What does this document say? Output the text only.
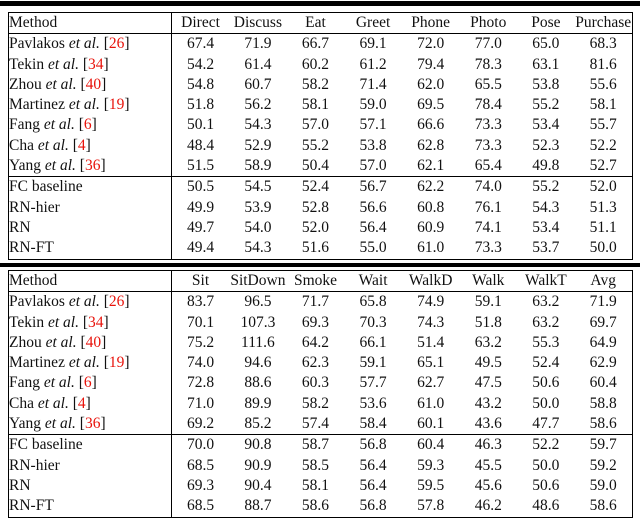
Method	Direct	Discuss	Eat	Greet	Phone	Photo	Pose	Purchase
Pavlakos et al. [26]	67.4	71.9	66.7	69.1	72.0	77.0	65.0	68.3
Tekin et al. [34]	54.2	61.4	60.2	61.2	79.4	78.3	63.1	81.6
Zhou et al. [40]	54.8	60.7	58.2	71.4	62.0	65.5	53.8	55.6
Martinez et al. [19]	51.8	56.2	58.1	59.0	69.5	78.4	55.2	58.1
Fang et al. [6]	50.1	54.3	57.0	57.1	66.6	73.3	53.4	55.7
Cha et al. [4]	48.4	52.9	55.2	53.8	62.8	73.3	52.3	52.2
Yang et al. [36]	51.5	58.9	50.4	57.0	62.1	65.4	49.8	52.7
FC baseline	50.5	54.5	52.4	56.7	62.2	74.0	55.2	52.0
RN-hier	49.9	53.9	52.8	56.6	60.8	76.1	54.3	51.3
RN	49.7	54.0	52.0	56.4	60.9	74.1	53.4	51.1
RN-FT	49.4	54.3	51.6	55.0	61.0	73.3	53.7	50.0
Method	Sit	SitDown	Smoke	Wait	WalkD	Walk	WalkT	Avg
Pavlakos et al. [26]	83.7	96.5	71.7	65.8	74.9	59.1	63.2	71.9
Tekin et al. [34]	70.1	107.3	69.3	70.3	74.3	51.8	63.2	69.7
Zhou et al. [40]	75.2	111.6	64.2	66.1	51.4	63.2	55.3	64.9
Martinez et al. [19]	74.0	94.6	62.3	59.1	65.1	49.5	52.4	62.9
Fang et al. [6]	72.8	88.6	60.3	57.7	62.7	47.5	50.6	60.4
Cha et al. [4]	71.0	89.9	58.2	53.6	61.0	43.2	50.0	58.8
Yang et al. [36]	69.2	85.2	57.4	58.4	60.1	43.6	47.7	58.6
FC baseline	70.0	90.8	58.7	56.8	60.4	46.3	52.2	59.7
RN-hier	68.5	90.9	58.5	56.4	59.3	45.5	50.0	59.2
RN	69.3	90.4	58.1	56.4	59.5	45.6	50.6	59.0
RN-FT	68.5	88.7	58.6	56.8	57.8	46.2	48.6	58.6
